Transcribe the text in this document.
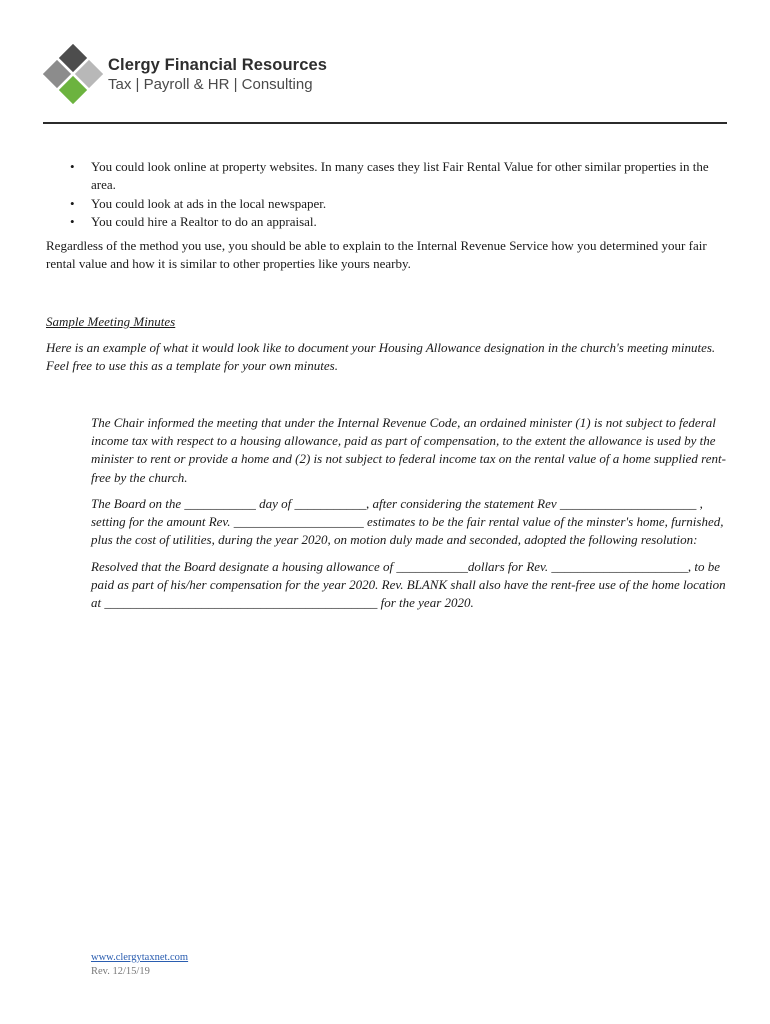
Clergy Financial Resources
Tax | Payroll & HR | Consulting
• You could look online at property websites. In many cases they list Fair Rental Value for other similar properties in the area.
• You could look at ads in the local newspaper.
• You could hire a Realtor to do an appraisal.

Regardless of the method you use, you should be able to explain to the Internal Revenue Service how you determined your fair rental value and how it is similar to other properties like yours nearby.

Sample Meeting Minutes

Here is an example of what it would look like to document your Housing Allowance designation in the church's meeting minutes. Feel free to use this as a template for your own minutes.

The Chair informed the meeting that under the Internal Revenue Code, an ordained minister (1) is not subject to federal income tax with respect to a housing allowance, paid as part of compensation, to the extent the allowance is used by the minister to rent or provide a home and (2) is not subject to federal income tax on the rental value of a home supplied rent-free by the church.

The Board on the ___________ day of ___________, after considering the statement Rev _____________________ , setting for the amount Rev. ____________________ estimates to be the fair rental value of the minster's home, furnished, plus the cost of utilities, during the year 2020, on motion duly made and seconded, adopted the following resolution:

Resolved that the Board designate a housing allowance of ___________dollars for Rev. _____________________, to be paid as part of his/her compensation for the year 2020. Rev. BLANK shall also have the rent-free use of the home location at __________________________________________ for the year 2020.

www.clergytaxnet.com
Rev. 12/15/19
